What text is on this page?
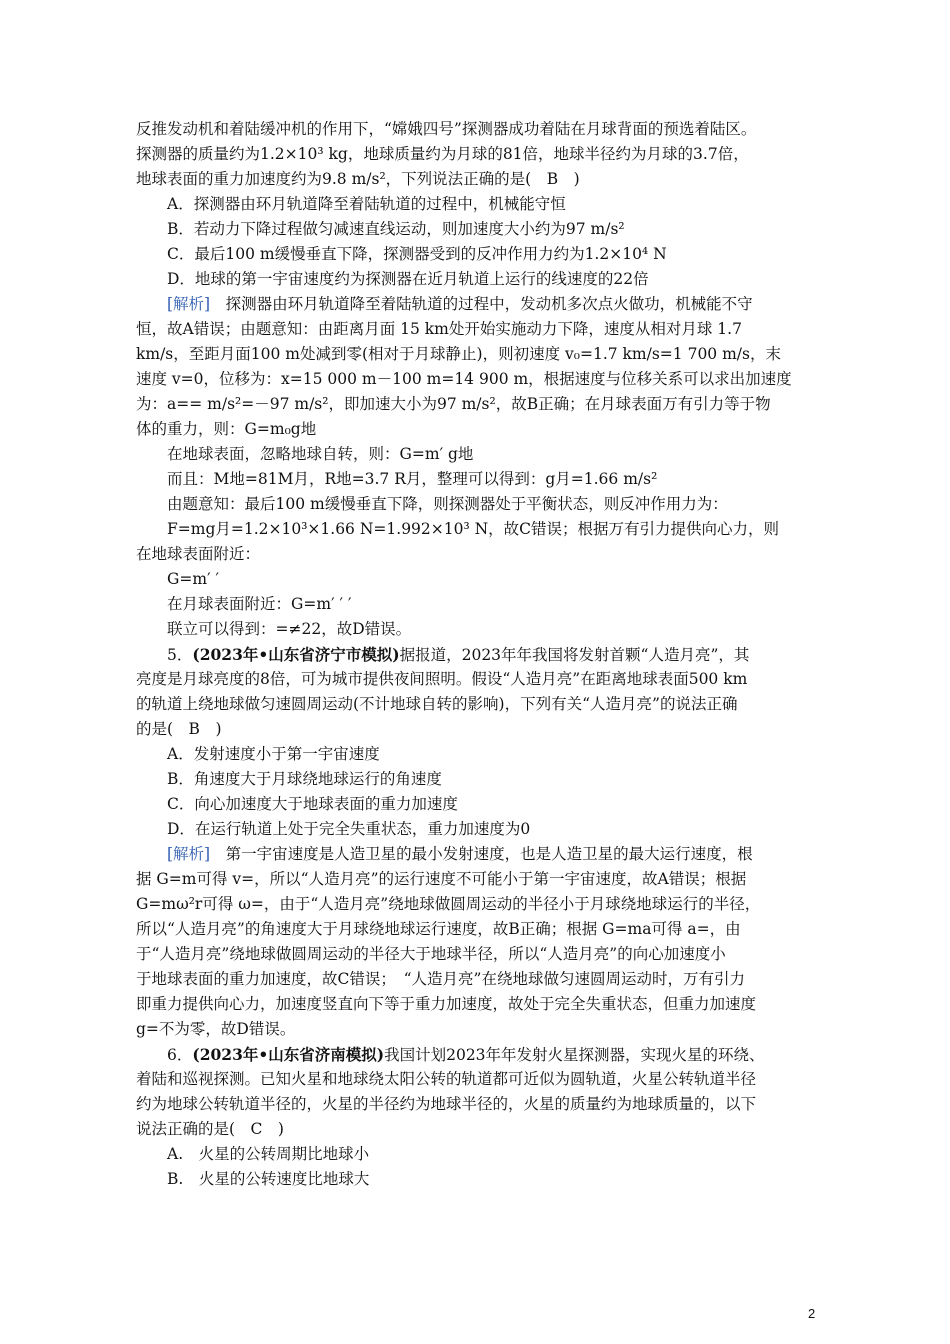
反推发动机和着陆缓冲机的作用下，“嫦娥四号”探测器成功着陆在月球背面的预选着陆区。
探测器的质量约为1.2×10³ kg，地球质量约为月球的81倍，地球半径约为月球的3.7倍，
地球表面的重力加速度约为9.8 m/s²，下列说法正确的是(　B　)
A．探测器由环月轨道降至着陆轨道的过程中，机械能守恒
B．若动力下降过程做匀减速直线运动，则加速度大小约为97 m/s²
C．最后100 m缓慢垂直下降，探测器受到的反冲作用力约为1.2×10⁴ N
D．地球的第一宇宙速度约为探测器在近月轨道上运行的线速度的22倍
[解析]　 探测器由环月轨道降至着陆轨道的过程中，发动机多次点火做功，机械能不守
恒，故A错误；由题意知：由距离月面 15 km处开始实施动力下降，速度从相对月球 1.7
km/s，至距月面100 m处减到零(相对于月球静止)，则初速度 v₀=1.7 km/s=1 700 m/s，末
速度 v=0，位移为：x=15 000 m－100 m=14 900 m，根据速度与位移关系可以求出加速度
为：a== m/s²=－97 m/s²，即加速大小为97 m/s²，故B正确；在月球表面万有引力等于物
体的重力，则：G=m₀g地
在地球表面，忽略地球自转，则：G=m′ g地
而且：M地=81M月，R地=3.7 R月，整理可以得到：g月=1.66 m/s²
由题意知：最后100 m缓慢垂直下降，则探测器处于平衡状态，则反冲作用力为：
F=mg月=1.2×10³×1.66 N=1.992×10³ N，故C错误；根据万有引力提供向心力，则
在地球表面附近：
G=m′ ′
在月球表面附近：G=m′ ′ ′
联立可以得到：=≠22，故D错误。
5．(2023年•山东省济宁市模拟)据报道，2023年年我国将发射首颗“人造月亮”，其
亮度是月球亮度的8倍，可为城市提供夜间照明。假设“人造月亮”在距离地球表面500 km
的轨道上绕地球做匀速圆周运动(不计地球自转的影响)，下列有关“人造月亮”的说法正确
的是(　B　)
A．发射速度小于第一宇宙速度
B．角速度大于月球绕地球运行的角速度
C．向心加速度大于地球表面的重力加速度
D．在运行轨道上处于完全失重状态，重力加速度为0
[解析]　 第一宇宙速度是人造卫星的最小发射速度，也是人造卫星的最大运行速度，根
据 G=m可得 v=，所以“人造月亮”的运行速度不可能小于第一宇宙速度，故A错误；根据
G=mω²r可得 ω=，由于“人造月亮”绕地球做圆周运动的半径小于月球绕地球运行的半径，
所以“人造月亮”的角速度大于月球绕地球运行速度，故B正确；根据 G=ma可得 a=，由
于“人造月亮”绕地球做圆周运动的半径大于地球半径，所以“人造月亮”的向心加速度小
于地球表面的重力加速度，故C错误；　“人造月亮”在绕地球做匀速圆周运动时，万有引力
即重力提供向心力，加速度竖直向下等于重力加速度，故处于完全失重状态，但重力加速度
g=不为零，故D错误。
6．(2023年•山东省济南模拟)我国计划2023年年发射火星探测器，实现火星的环绕、
着陆和巡视探测。已知火星和地球绕太阳公转的轨道都可近似为圆轨道，火星公转轨道半径
约为地球公转轨道半径的，火星的半径约为地球半径的，火星的质量约为地球质量的，以下
说法正确的是(　C　)
A.　火星的公转周期比地球小
B.　火星的公转速度比地球大
2
